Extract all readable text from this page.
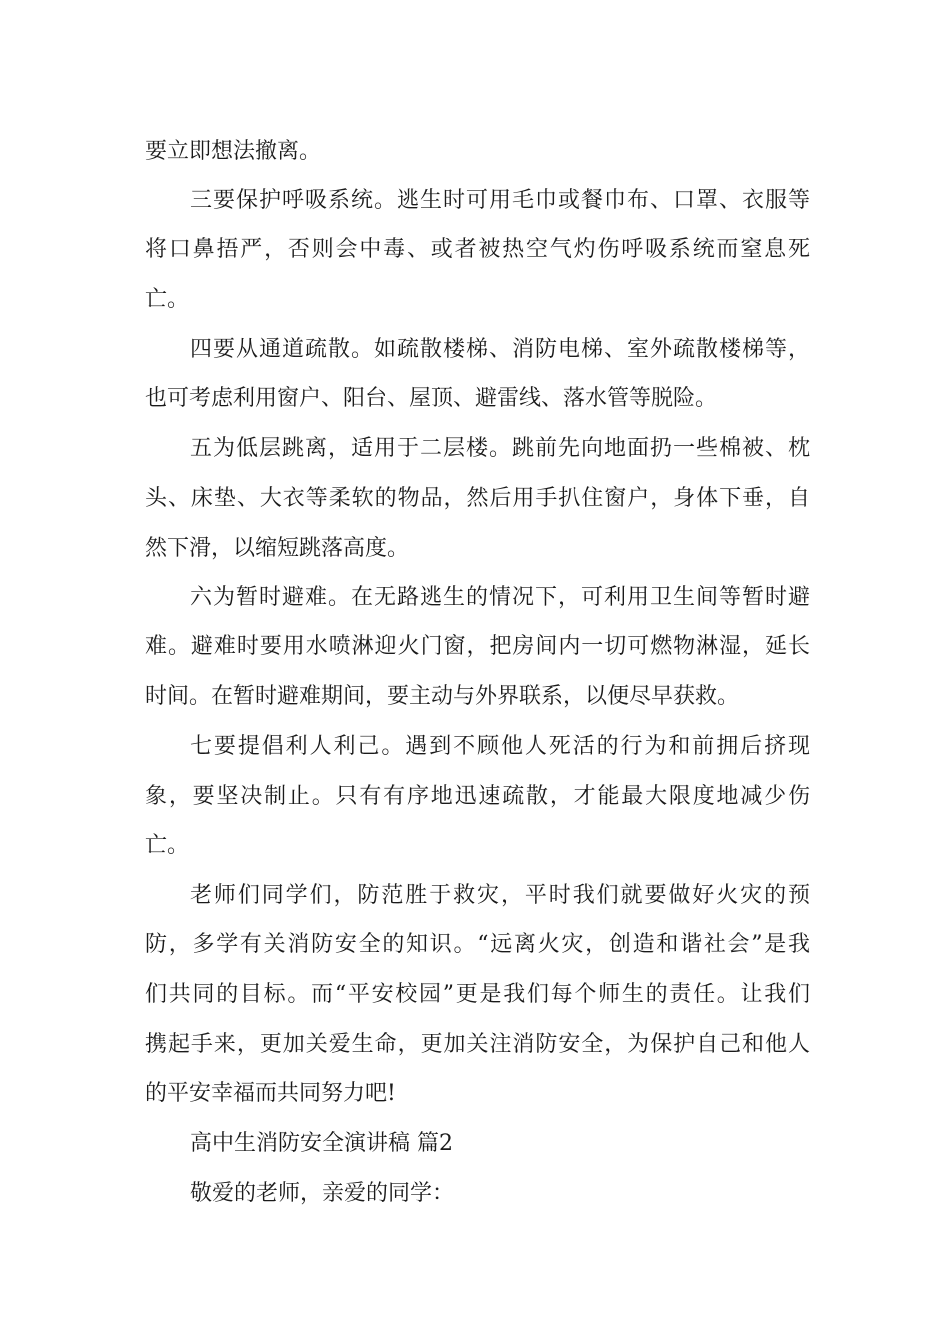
要立即想法撤离。

三要保护呼吸系统。逃生时可用毛巾或餐巾布、口罩、衣服等

将口鼻捂严，否则会中毒、或者被热空气灼伤呼吸系统而窒息死

亡。

四要从通道疏散。如疏散楼梯、消防电梯、室外疏散楼梯等，

也可考虑利用窗户、阳台、屋顶、避雷线、落水管等脱险。

五为低层跳离，适用于二层楼。跳前先向地面扔一些棉被、枕

头、床垫、大衣等柔软的物品，然后用手扒住窗户，身体下垂，自

然下滑，以缩短跳落高度。

六为暂时避难。在无路逃生的情况下，可利用卫生间等暂时避

难。避难时要用水喷淋迎火门窗，把房间内一切可燃物淋湿，延长

时间。在暂时避难期间，要主动与外界联系，以便尽早获救。

七要提倡利人利己。遇到不顾他人死活的行为和前拥后挤现

象，要坚决制止。只有有序地迅速疏散，才能最大限度地减少伤

亡。

老师们同学们，防范胜于救灾，平时我们就要做好火灾的预

防，多学有关消防安全的知识。“远离火灾，创造和谐社会”是我

们共同的目标。而“平安校园”更是我们每个师生的责任。让我们

携起手来，更加关爱生命，更加关注消防安全，为保护自己和他人

的平安幸福而共同努力吧!

高中生消防安全演讲稿 篇2

敬爱的老师，亲爱的同学：
